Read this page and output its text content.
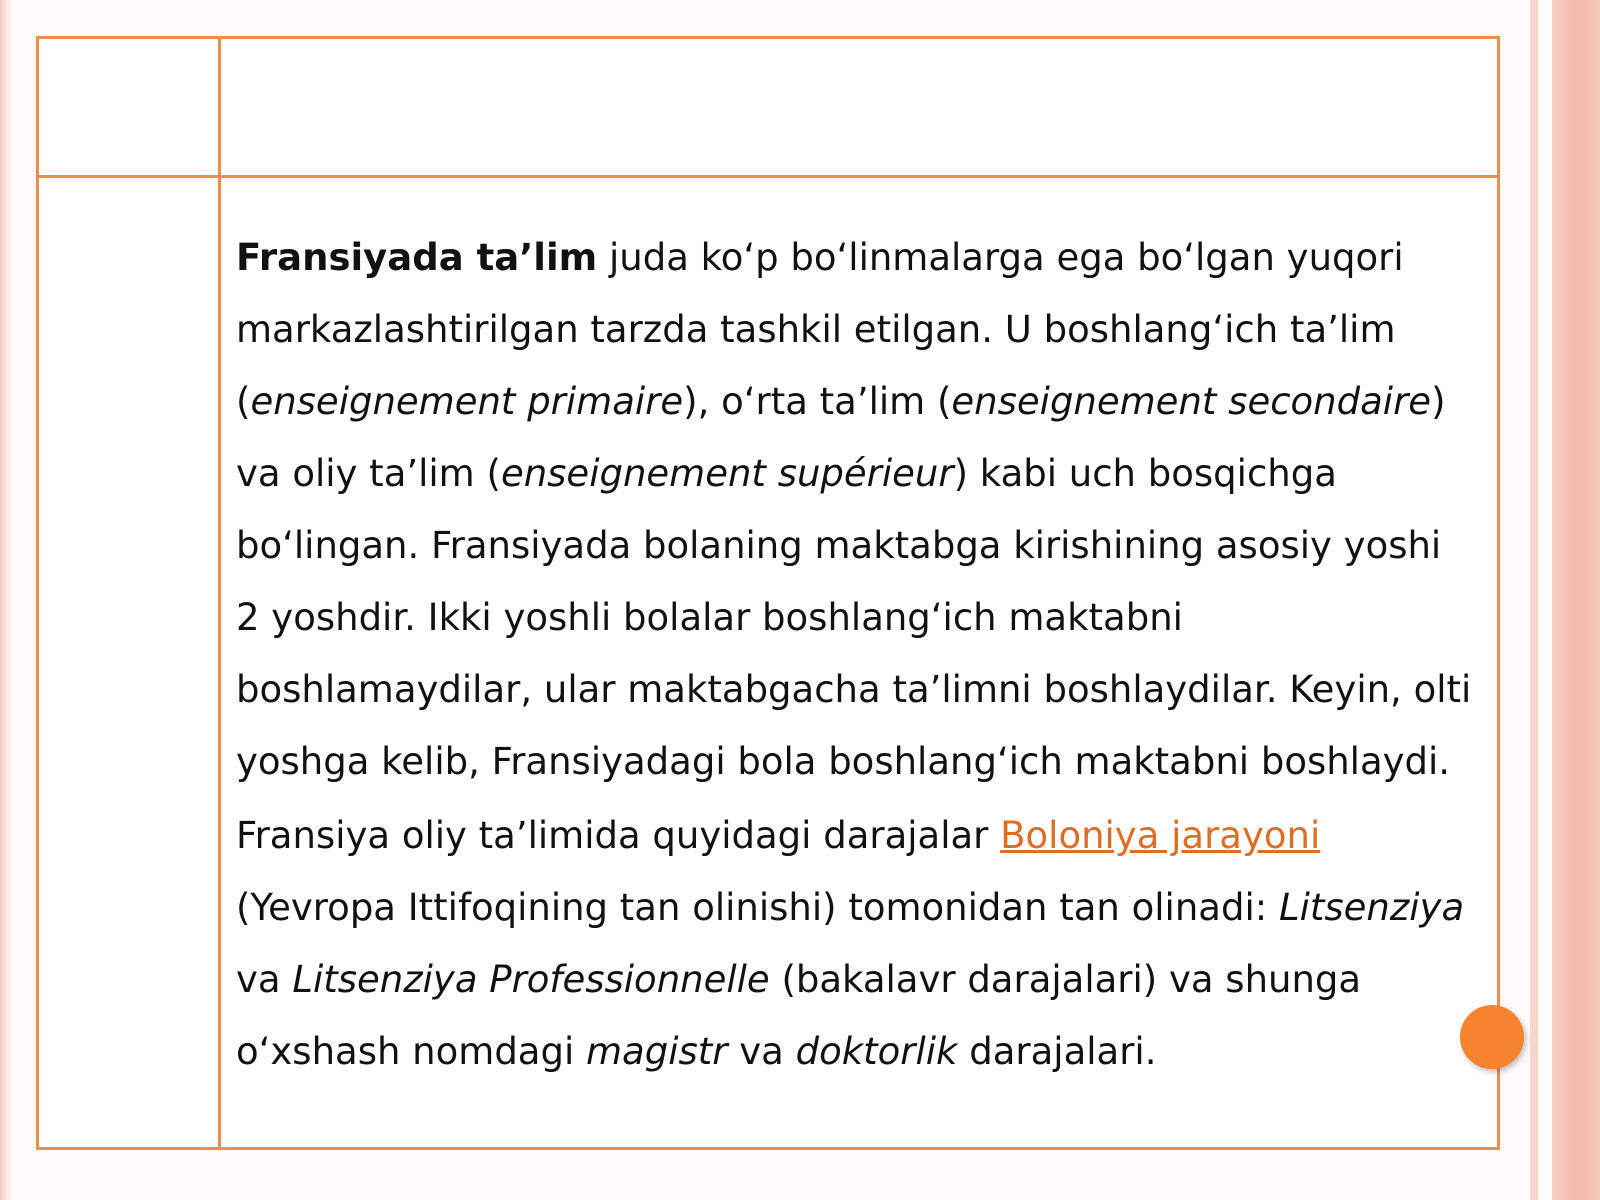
Fransiyada ta’lim juda ko‘p bo‘linmalarga ega bo‘lgan yuqori markazlashtirilgan tarzda tashkil etilgan. U boshlang‘ich ta’lim (enseignement primaire), o‘rta ta’lim (enseignement secondaire) va oliy ta’lim (enseignement supérieur) kabi uch bosqichga bo‘lingan. Fransiyada bolaning maktabga kirishining asosiy yoshi 2 yoshdir. Ikki yoshli bolalar boshlang‘ich maktabni boshlamaydilar, ular maktabgacha ta’limni boshlaydilar. Keyin, olti yoshga kelib, Fransiyadagi bola boshlang‘ich maktabni boshlaydi.

Fransiya oliy ta’limida quyidagi darajalar Boloniya jarayoni (Yevropa Ittifoqining tan olinishi) tomonidan tan olinadi: Litsenziya va Litsenziya Professionnelle (bakalavr darajalari) va shunga o‘xshash nomdagi magistr va doktorlik darajalari.
